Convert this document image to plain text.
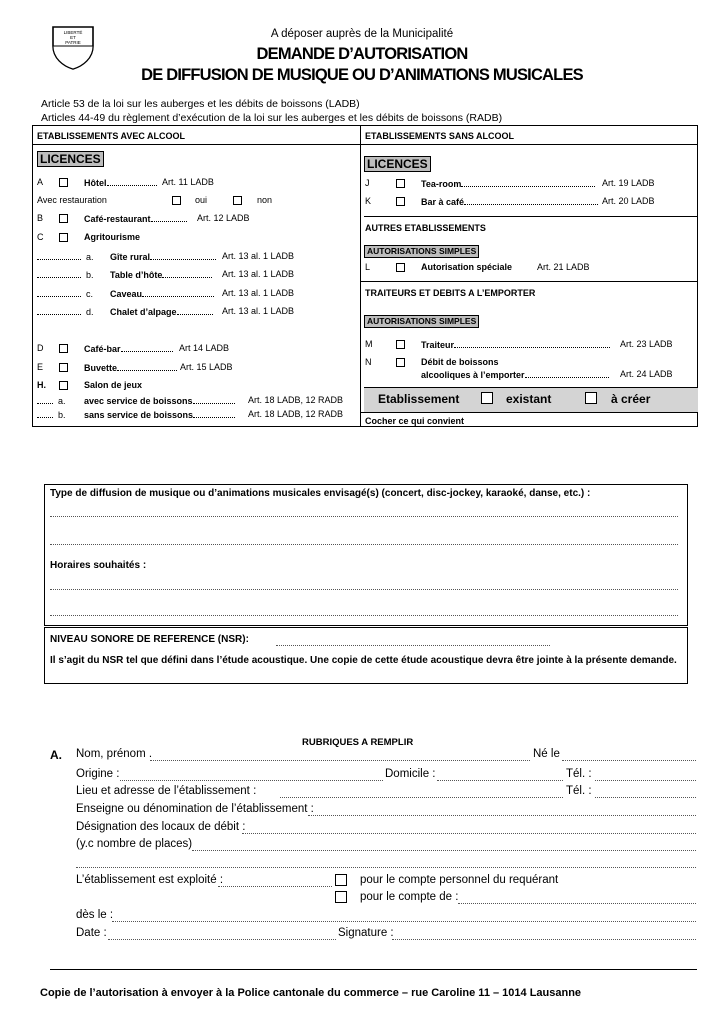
LIBERTÉ
ET
PATRIE
A déposer auprès de la Municipalité
DEMANDE D’AUTORISATION
DE DIFFUSION DE MUSIQUE OU D’ANIMATIONS MUSICALES
Article 53 de la loi sur les auberges et les débits de boissons (LADB)
Articles 44-49 du règlement d’exécution de la loi sur les auberges et les débits de boissons (RADB)
ETABLISSEMENTS AVEC ALCOOL
LICENCES
A	Hôtel	Art. 11 LADB
Avec restauration	oui	non
B	Café-restaurant	Art. 12 LADB
C	Agritourisme
a. Gîte rural	Art. 13 al. 1 LADB
b. Table d’hôte	Art. 13 al. 1 LADB
c. Caveau	Art. 13 al. 1 LADB
d. Chalet d’alpage	Art. 13 al. 1 LADB
D	Café-bar	Art 14 LADB
E	Buvette	Art. 15 LADB
H.	Salon de jeux
a. avec service de boissons	Art. 18 LADB, 12 RADB
b. sans service de boissons	Art. 18 LADB, 12 RADB
ETABLISSEMENTS SANS ALCOOL
LICENCES
J	Tea-room	Art. 19 LADB
K	Bar à café	Art. 20 LADB
AUTRES ETABLISSEMENTS
AUTORISATIONS SIMPLES
L	Autorisation spéciale	Art. 21 LADB
TRAITEURS ET DEBITS A L’EMPORTER
AUTORISATIONS SIMPLES
M	Traiteur	Art. 23 LADB
N	Débit de boissons
alcooliques à l’emporter	Art. 24 LADB
Etablissement	existant	à créer
Cocher ce qui convient
Type de diffusion de musique ou d’animations musicales envisagé(s) (concert, disc-jockey, karaoké, danse, etc.) :
Horaires souhaités :
NIVEAU SONORE DE REFERENCE (NSR):
Il s’agit du NSR tel que défini dans l’étude acoustique. Une copie de cette étude acoustique devra être jointe à la présente demande.
RUBRIQUES A REMPLIR
A. Nom, prénom .	Né le
Origine :	Domicile :	Tél. :
Lieu et adresse de l’établissement :	Tél. :
Enseigne ou dénomination de l’établissement :
Désignation des locaux de débit :
(y.c nombre de places)
L’établissement est exploité :	pour le compte personnel du requérant
pour le compte de :
dès le :
Date :	Signature :
Copie de l’autorisation à envoyer à la Police cantonale du commerce – rue Caroline 11 – 1014 Lausanne
